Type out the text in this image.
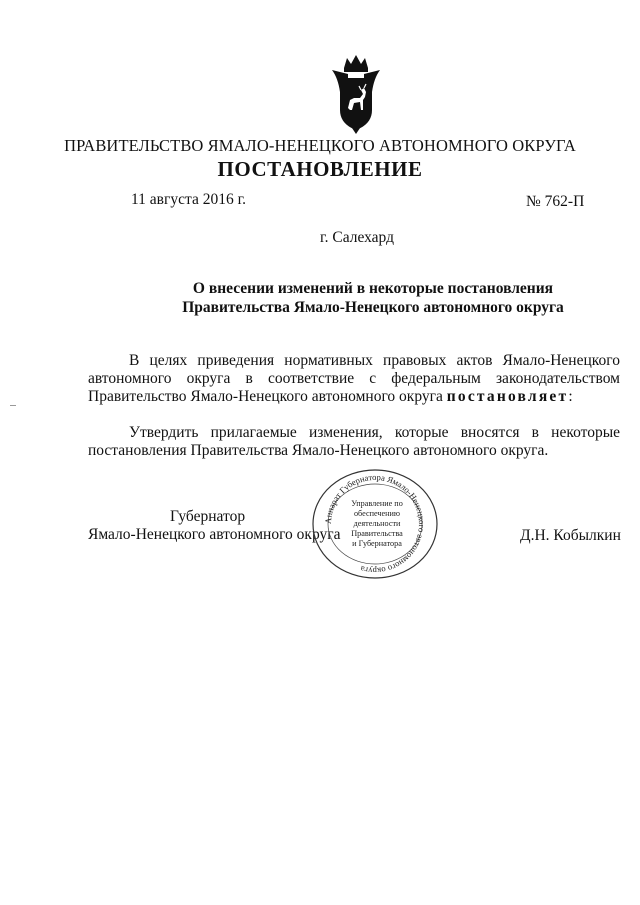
ПРАВИТЕЛЬСТВО ЯМАЛО-НЕНЕЦКОГО АВТОНОМНОГО ОКРУГА
ПОСТАНОВЛЕНИЕ
11 августа 2016 г.	№ 762-П
г. Салехард
О внесении изменений в некоторые постановления
Правительства Ямало-Ненецкого автономного округа
В целях приведения нормативных правовых актов Ямало-Ненецкого
автономного округа в соответствие с федеральным законодательством
Правительство Ямало-Ненецкого автономного округа постановляет:
Утвердить прилагаемые изменения, которые вносятся в некоторые
постановления Правительства Ямало-Ненецкого автономного округа.
Губернатор
Ямало-Ненецкого автономного округа	Д.Н. Кобылкин
Аппарат Губернатора Ямало-Ненецкого автономного округа
Управление по
обеспечению
деятельности
Правительства
и Губернатора
